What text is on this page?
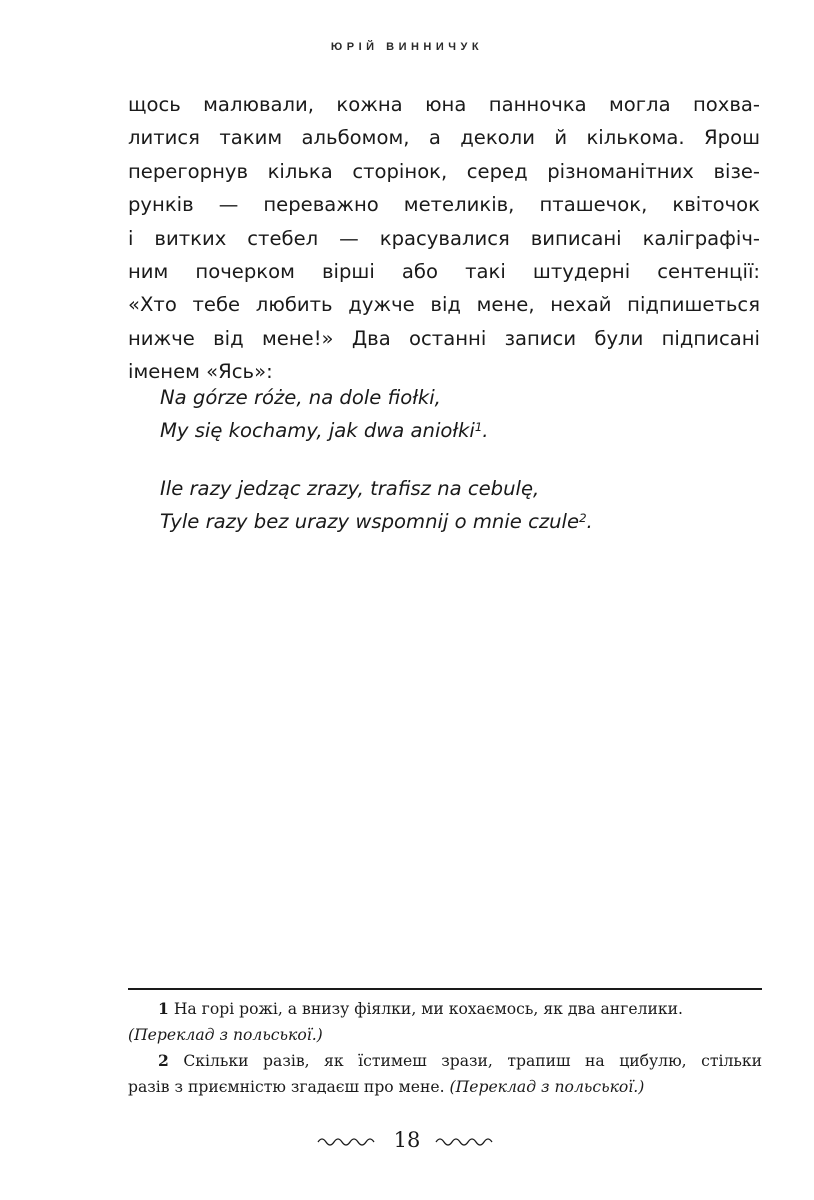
ЮРІЙ ВИННИЧУК
щось малювали, кожна юна панночка могла похва-
литися таким альбомом, а деколи й кількома. Ярош
перегорнув кілька сторінок, серед різноманітних візе-
рунків — переважно метеликів, пташечок, квіточок
і витких стебел — красувалися виписані каліграфіч-
ним почерком вірші або такі штудерні сентенції:
«Хто тебе любить дужче від мене, нехай підпишеться
нижче від мене!» Два останні записи були підписані
іменем «Ясь»:
Na górze róże, na dole fiołki,
My się kochamy, jak dwa aniołki$^1$.
Ile razy jedząc zrazy, trafisz na cebulę,
Tyle razy bez urazy wspomnij o mnie czule$^2$.
1 На горі рожі, а внизу фіялки, ми кохаємось, як два ангелики.
(Переклад з польської.)
2 Скільки разів, як їстимеш зрази, трапиш на цибулю, стільки
разів з приємністю згадаєш про мене. (Переклад з польської.)
18
